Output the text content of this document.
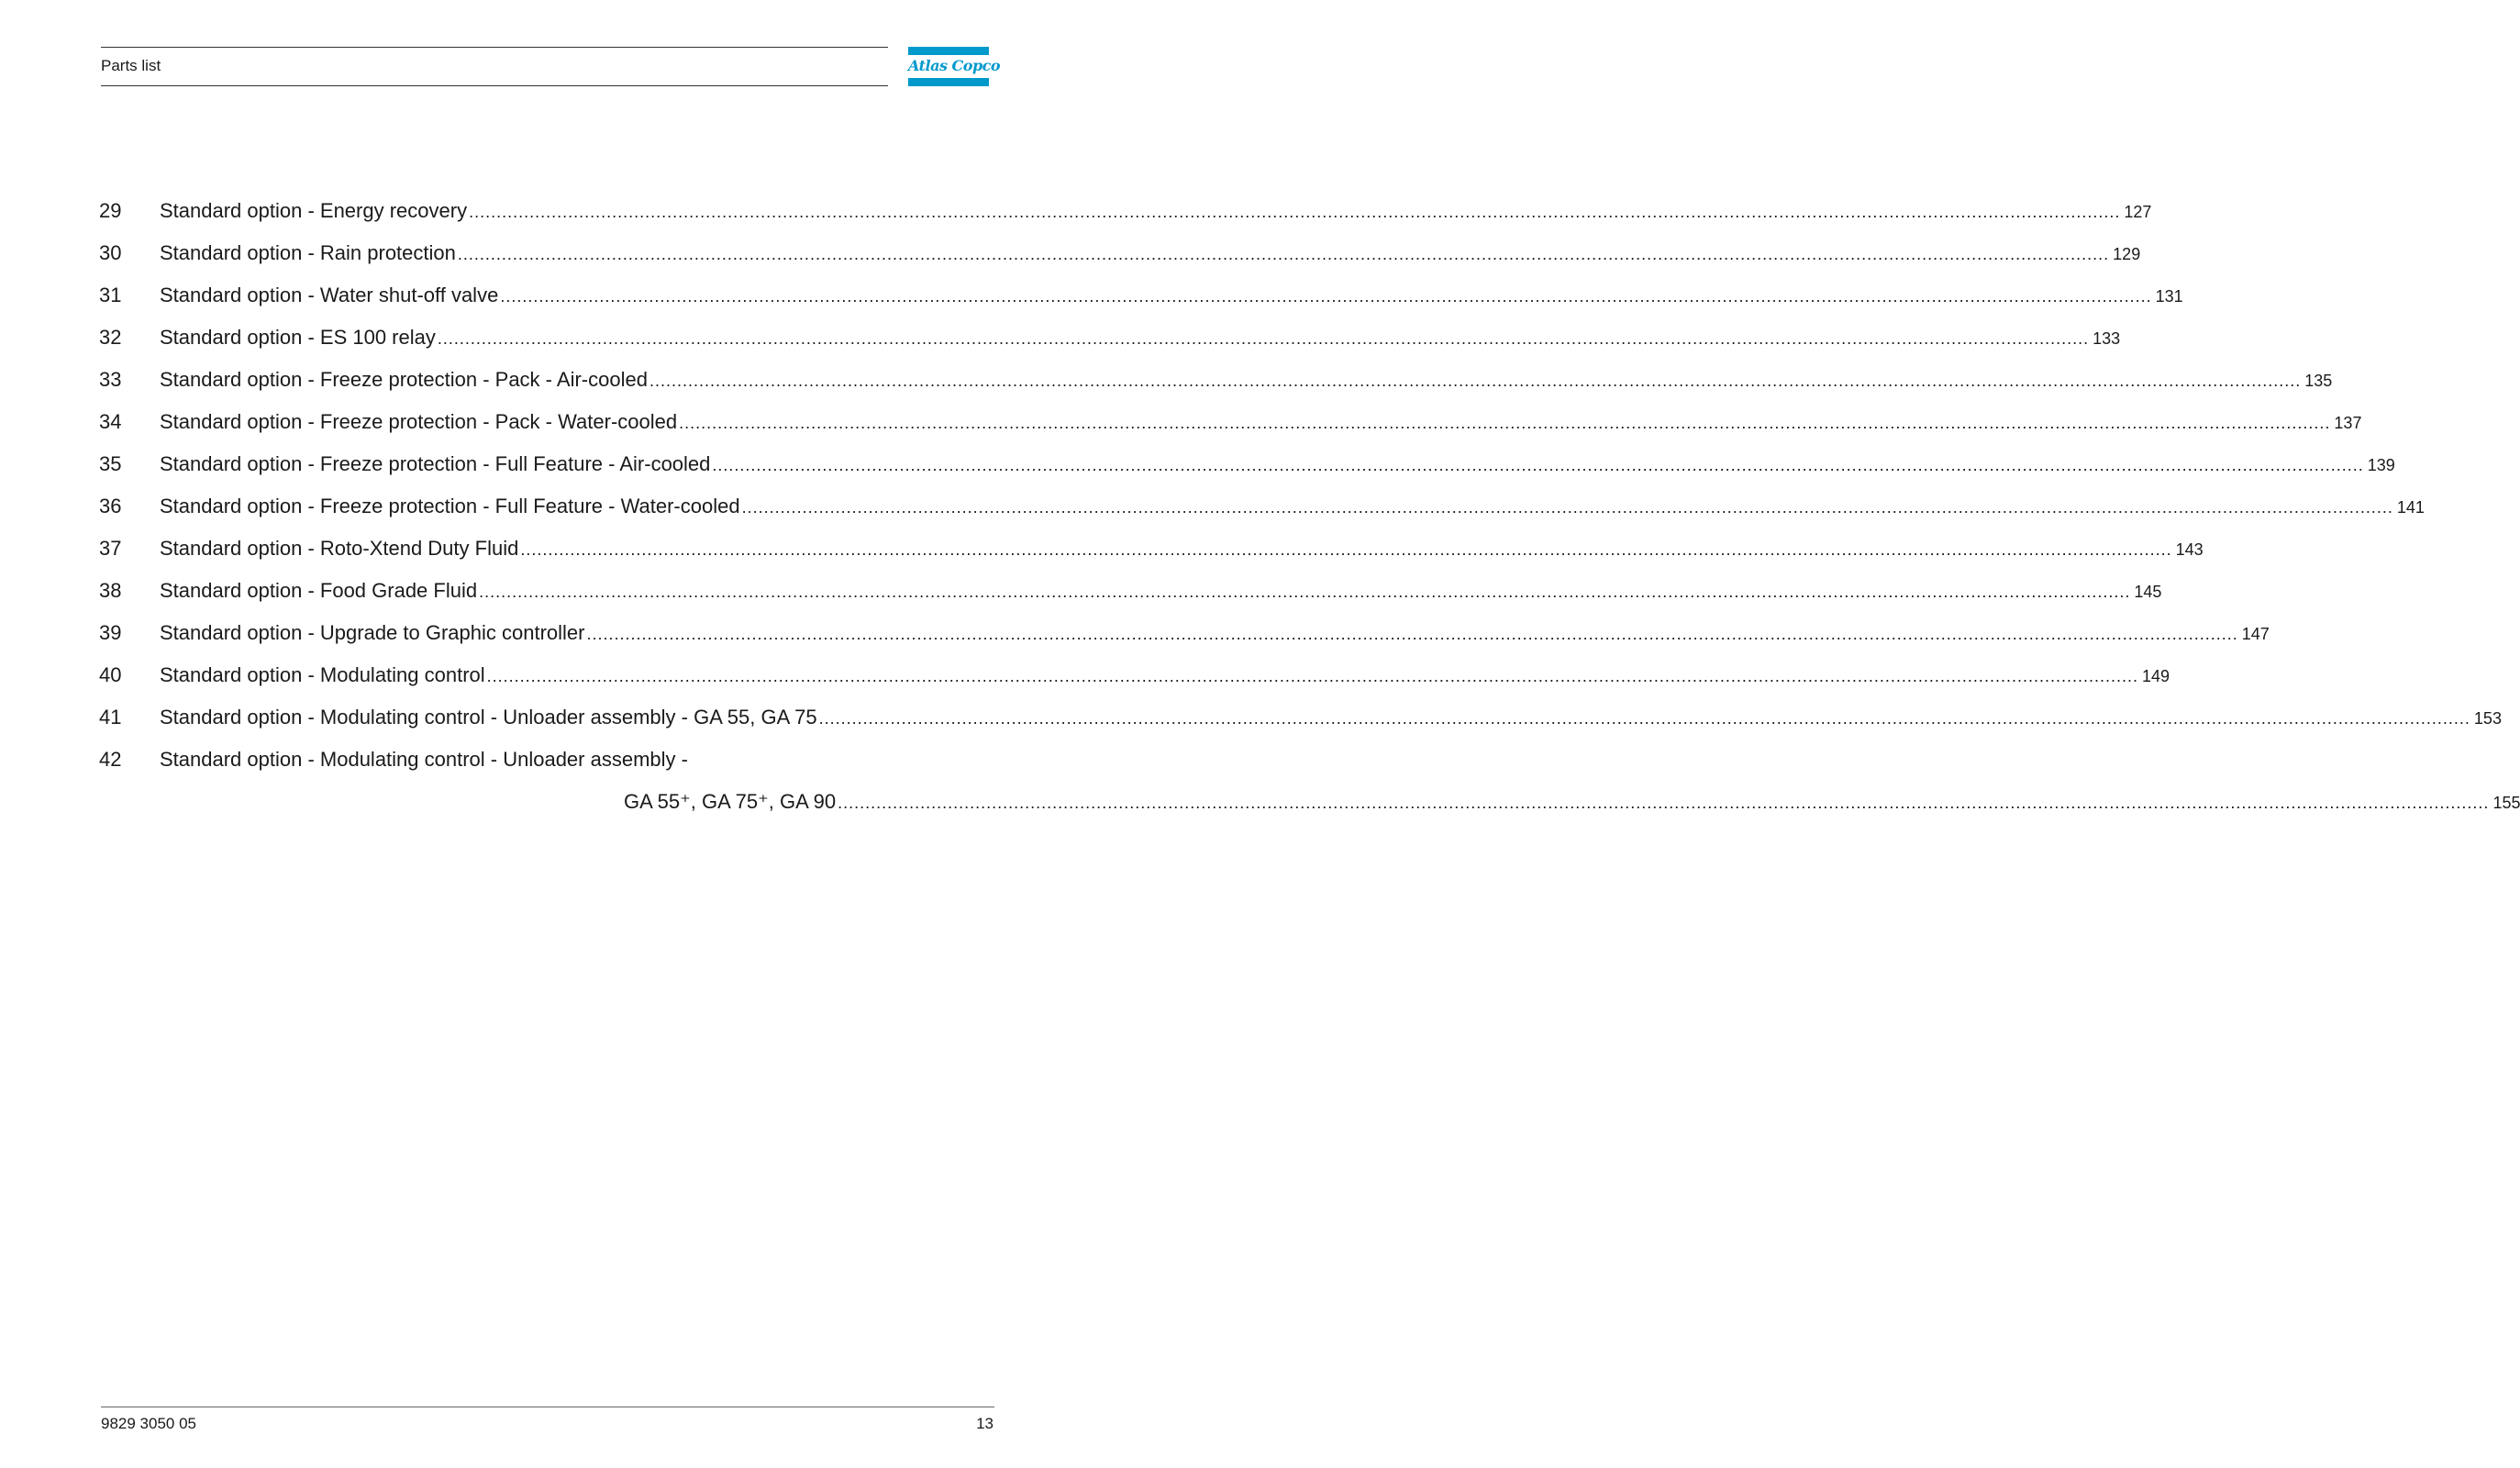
Parts list	Atlas Copco
29 Standard option - Energy recovery ............................................................................................................................................................................................................................................................................................................ 127
30 Standard option - Rain protection ............................................................................................................................................................................................................................................................................................................ 129
31 Standard option - Water shut-off valve ............................................................................................................................................................................................................................................................................................................ 131
32 Standard option - ES 100 relay ............................................................................................................................................................................................................................................................................................................ 133
33 Standard option - Freeze protection - Pack - Air-cooled ............................................................................................................................................................................................................................................................................................................ 135
34 Standard option - Freeze protection - Pack - Water-cooled ............................................................................................................................................................................................................................................................................................................ 137
35 Standard option - Freeze protection - Full Feature - Air-cooled ............................................................................................................................................................................................................................................................................................................ 139
36 Standard option - Freeze protection - Full Feature - Water-cooled ............................................................................................................................................................................................................................................................................................................ 141
37 Standard option - Roto-Xtend Duty Fluid ............................................................................................................................................................................................................................................................................................................ 143
38 Standard option - Food Grade Fluid ............................................................................................................................................................................................................................................................................................................ 145
39 Standard option - Upgrade to Graphic controller ............................................................................................................................................................................................................................................................................................................ 147
40 Standard option - Modulating control ............................................................................................................................................................................................................................................................................................................ 149
41 Standard option - Modulating control - Unloader assembly - GA 55, GA 75 ............................................................................................................................................................................................................................................................................................................ 153
42 Standard option - Modulating control - Unloader assembly -
GA 55⁺, GA 75⁺, GA 90 ............................................................................................................................................................................................................................................................................................................ 155
9829 3050 05	13
